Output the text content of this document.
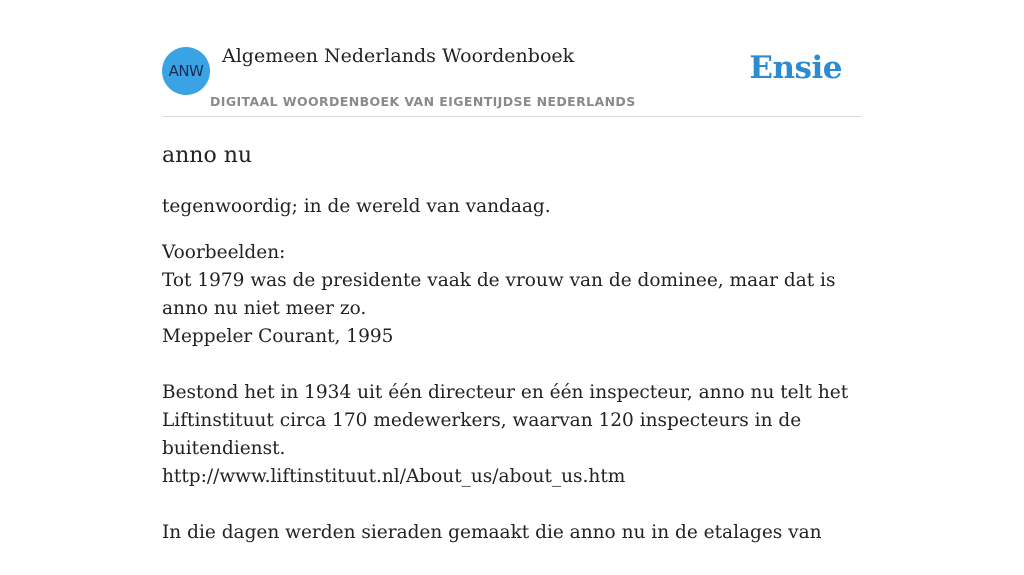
ANW
Algemeen Nederlands Woordenboek
DIGITAAL WOORDENBOEK VAN EIGENTIJDSE NEDERLANDS
Ensie
anno nu

tegenwoordig; in de wereld van vandaag.

Voorbeelden:
Tot 1979 was de presidente vaak de vrouw van de dominee, maar dat is anno nu niet meer zo.
Meppeler Courant, 1995
Bestond het in 1934 uit één directeur en één inspecteur, anno nu telt het Liftinstituut circa 170 medewerkers, waarvan 120 inspecteurs in de buitendienst.
http://www.liftinstituut.nl/About_us/about_us.htm
In die dagen werden sieraden gemaakt die anno nu in de etalages van
